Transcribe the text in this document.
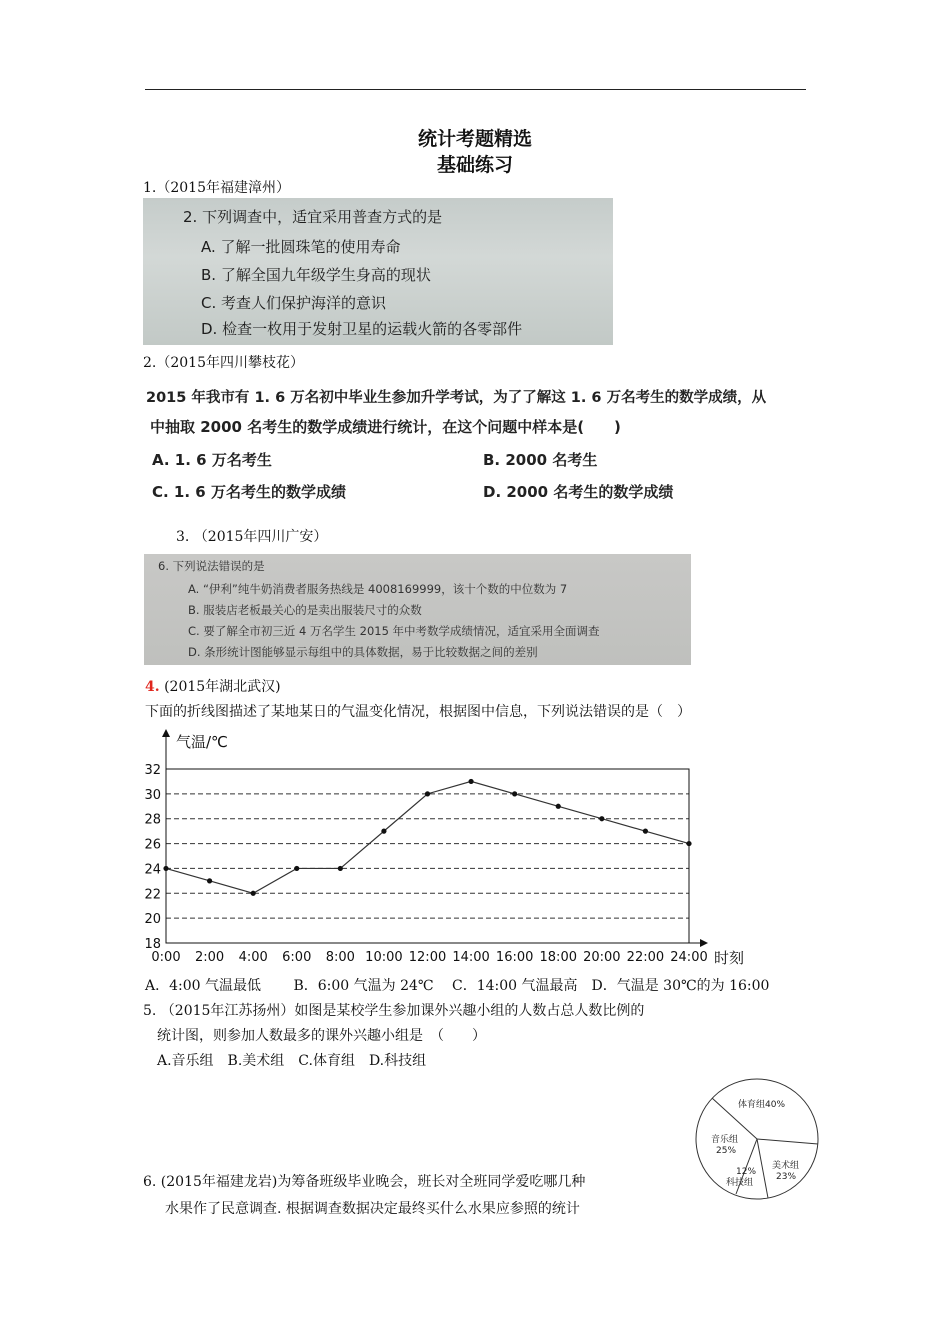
统计考题精选
基础练习
1.（2015年福建漳州）
2. 下列调查中，适宜采用普查方式的是
A. 了解一批圆珠笔的使用寿命
B. 了解全国九年级学生身高的现状
C. 考查人们保护海洋的意识
D. 检查一枚用于发射卫星的运载火箭的各零部件
2.（2015年四川攀枝花）
2015 年我市有 1. 6 万名初中毕业生参加升学考试，为了了解这 1. 6 万名考生的数学成绩，从
中抽取 2000 名考生的数学成绩进行统计，在这个问题中样本是(　　)
A. 1. 6 万名考生	B. 2000 名考生
C. 1. 6 万名考生的数学成绩	D. 2000 名考生的数学成绩
3. （2015年四川广安）
6. 下列说法错误的是
A. “伊利”纯牛奶消费者服务热线是 4008169999，该十个数的中位数为 7
B. 服装店老板最关心的是卖出服装尺寸的众数
C. 要了解全市初三近 4 万名学生 2015 年中考数学成绩情况，适宜采用全面调查
D. 条形统计图能够显示每组中的具体数据，易于比较数据之间的差别
4. (2015年湖北武汉)
下面的折线图描述了某地某日的气温变化情况，根据图中信息，下列说法错误的是（　）
气温/℃
时刻
18
20
22
24
26
28
30
32
0:00 2:00 4:00 6:00 8:00 10:00 12:00 14:00 16:00 18:00 20:00 22:00 24:00
A．4:00 气温最低　　 B．6:00 气温为 24℃　 C．14:00 气温最高　D．气温是 30℃的为 16:00
5. （2015年江苏扬州）如图是某校学生参加课外兴趣小组的人数占总人数比例的
统计图，则参加人数最多的课外兴趣小组是　（　　）
A.音乐组　B.美术组　C.体育组　D.科技组
体育组40%
美术组
23%
12%
科技组
音乐组
25%
6. (2015年福建龙岩)为筹备班级毕业晚会，班长对全班同学爱吃哪几种
水果作了民意调查. 根据调查数据决定最终买什么水果应参照的统计
